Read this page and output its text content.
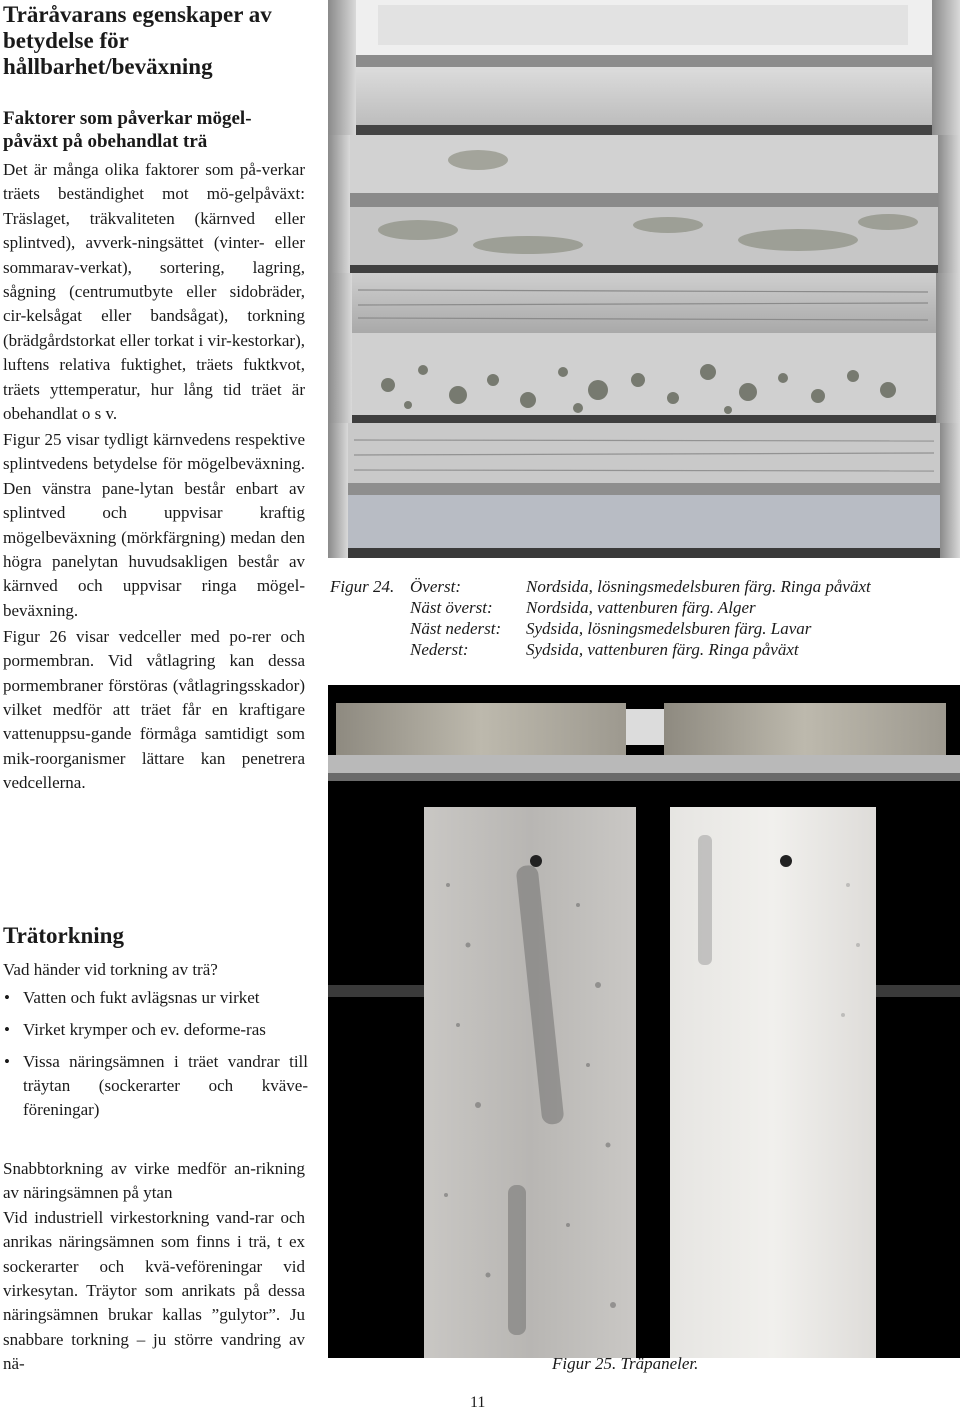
Träråvarans egenskaper av betydelse för hållbarhet/beväxning
Faktorer som påverkar mögel-påväxt på obehandlat trä

Det är många olika faktorer som på-verkar träets beständighet mot mö-gelpåväxt: Träslaget, träkvaliteten (kärnved eller splintved), avverk-ningsättet (vinter- eller sommarav-verkat), sortering, lagring, sågning (centrumutbyte eller sidobräder, cir-kelsågat eller bandsågat), torkning (brädgårdstorkat eller torkat i vir-kestorkar), luftens relativa fuktighet, träets fuktkvot, träets yttemperatur, hur lång tid träet är obehandlat o s v.

Figur 25 visar tydligt kärnvedens respektive splintvedens betydelse för mögelbeväxning. Den vänstra pane-lytan består enbart av splintved och uppvisar kraftig mögelbeväxning (mörkfärgning) medan den högra panelytan huvudsakligen består av kärnved och uppvisar ringa mögel-beväxning.

Figur 26 visar vedceller med po-rer och pormembran. Vid våtlagring kan dessa pormembraner förstöras (våtlagringsskador) vilket medför att träet får en kraftigare vattenuppsu-gande förmåga samtidigt som mik-roorganismer lättare kan penetrera vedcellerna.

Trätorkning
Vad händer vid torkning av trä?
• Vatten och fukt avlägsnas ur virket
• Virket krymper och ev. deforme-ras
• Vissa näringsämnen i träet vandrar till träytan (sockerarter och kväve-föreningar)

Snabbtorkning av virke medför an-rikning av näringsämnen på ytan

Vid industriell virkestorkning vand-rar och anrikas näringsämnen som finns i trä, t ex sockerarter och kvä-veföreningar vid virkesytan. Träytor som anrikats på dessa näringsämnen brukar kallas ”gulytor”. Ju snabbare torkning – ju större vandring av nä-

Figur 24. Överst:	Nordsida, lösningsmedelsburen färg. Ringa påväxt
Näst överst: Nordsida, vattenburen färg. Alger
Näst nederst: Sydsida, lösningsmedelsburen färg. Lavar
Nederst:	Sydsida, vattenburen färg. Ringa påväxt
Figur 25. Träpaneler.
11
